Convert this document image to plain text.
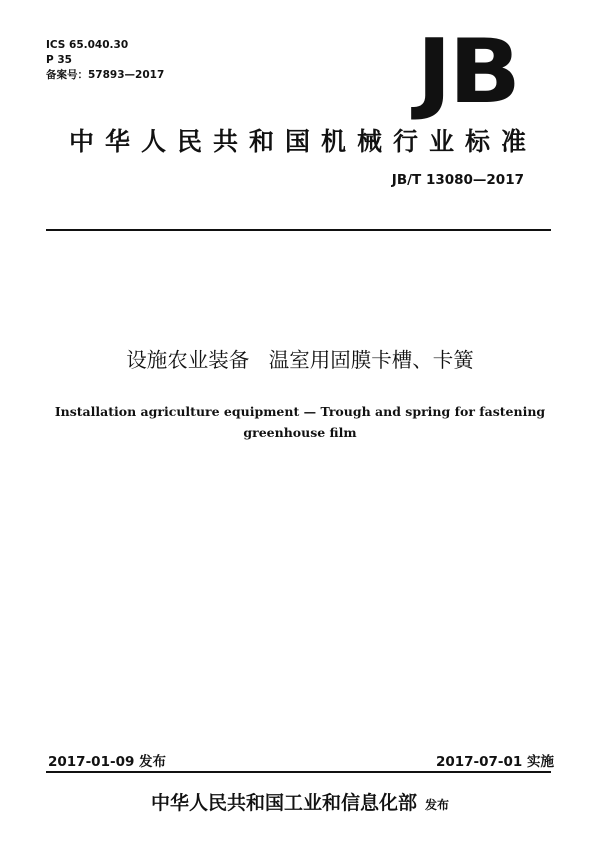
ICS 65.040.30
P 35
备案号：57893—2017	JB
中华人民共和国机械行业标准
JB/T 13080—2017
设施农业装备   温室用固膜卡槽、卡簧
Installation agriculture equipment — Trough and spring for fastening
greenhouse film
2017-01-09 发布	2017-07-01 实施
中华人民共和国工业和信息化部 发布
